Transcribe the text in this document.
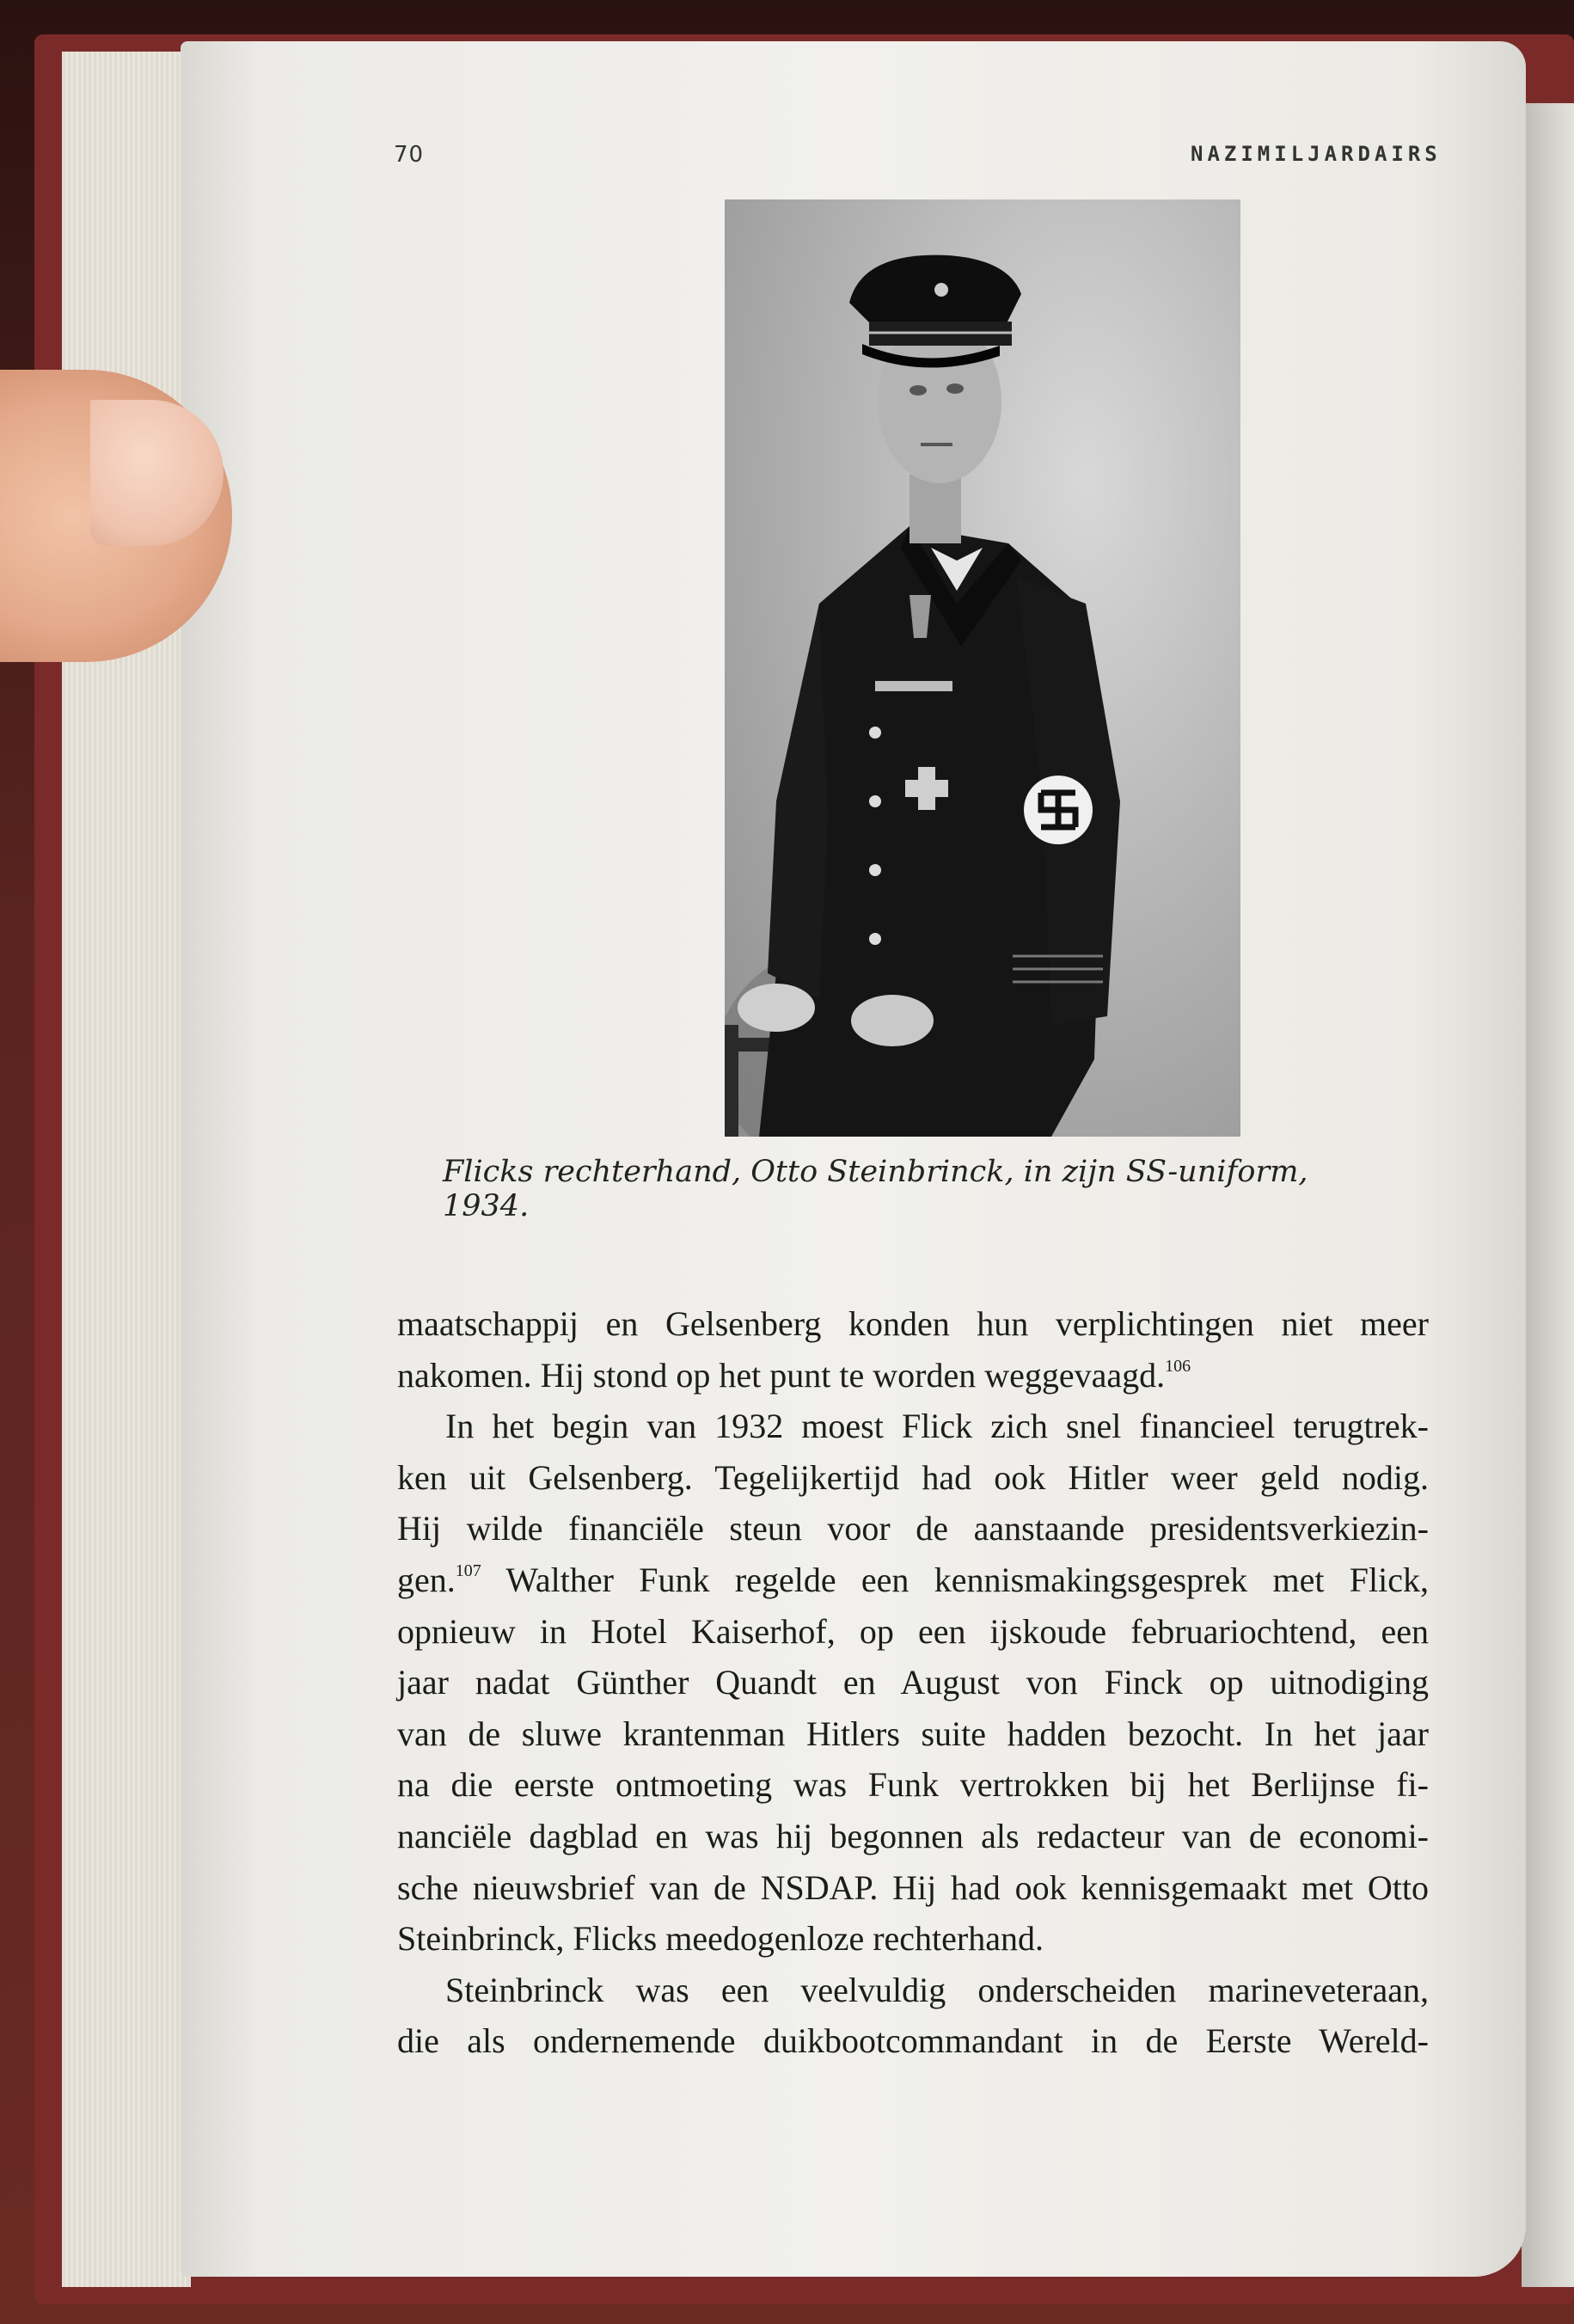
70	NAZIMILJARDAIRS
Flicks rechterhand, Otto Steinbrinck, in zijn SS-uniform, 1934.
maatschappij en Gelsenberg konden hun verplichtingen niet meer
nakomen. Hij stond op het punt te worden weggevaagd.$^{106}$
In het begin van 1932 moest Flick zich snel financieel terugtrek-
ken uit Gelsenberg. Tegelijkertijd had ook Hitler weer geld nodig.
Hij wilde financiële steun voor de aanstaande presidentsverkiezin-
gen.$^{107}$ Walther Funk regelde een kennismakingsgesprek met Flick,
opnieuw in Hotel Kaiserhof, op een ijskoude februariochtend, een
jaar nadat Günther Quandt en August von Finck op uitnodiging
van de sluwe krantenman Hitlers suite hadden bezocht. In het jaar
na die eerste ontmoeting was Funk vertrokken bij het Berlijnse fi-
nanciële dagblad en was hij begonnen als redacteur van de economi-
sche nieuwsbrief van de NSDAP. Hij had ook kennisgemaakt met Otto
Steinbrinck, Flicks meedogenloze rechterhand.
Steinbrinck was een veelvuldig onderscheiden marineveteraan,
die als ondernemende duikbootcommandant in de Eerste Wereld-
